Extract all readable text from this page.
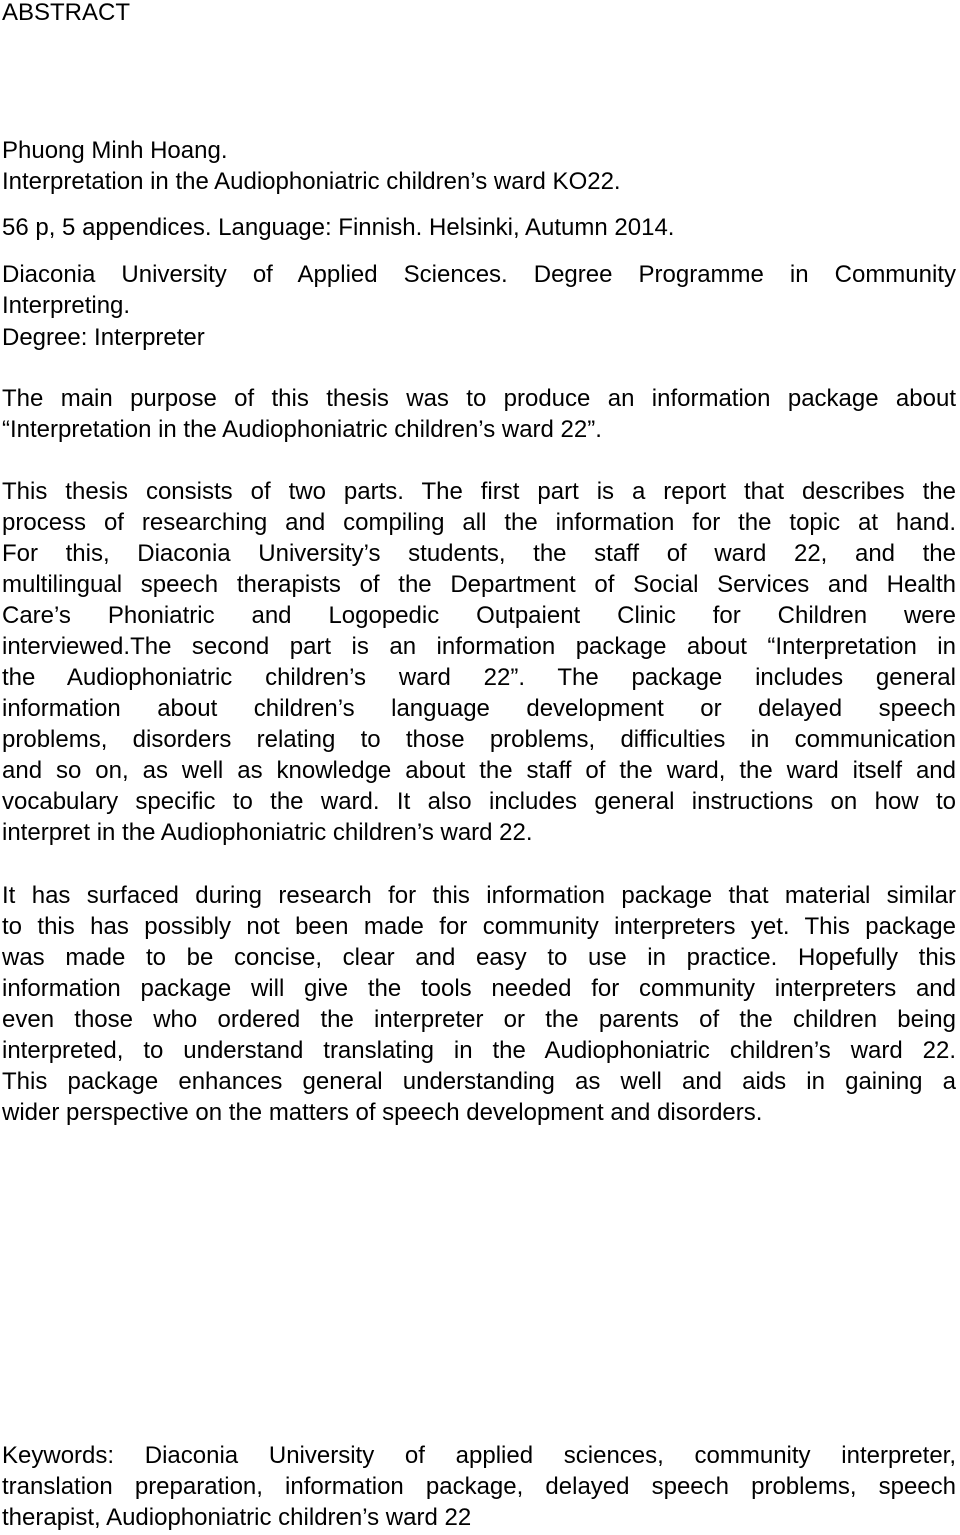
ABSTRACT
Phuong Minh Hoang.
Interpretation in the Audiophoniatric children’s ward KO22.
56 p, 5 appendices. Language: Finnish. Helsinki, Autumn 2014.
Diaconia University of Applied Sciences. Degree Programme in Community
Interpreting.
Degree: Interpreter
The main purpose of this thesis was to produce an information package about
“Interpretation in the Audiophoniatric children’s ward 22”.
This thesis consists of two parts. The first part is a report that describes the
process of researching and compiling all the information for the topic at hand.
For this, Diaconia University’s students, the staff of ward 22, and the
multilingual speech therapists of the Department of Social Services and Health
Care’s Phoniatric and Logopedic Outpaient Clinic for Children were
interviewed.The second part is an information package about “Interpretation in
the Audiophoniatric children’s ward 22”. The package includes general
information about children’s language development or delayed speech
problems, disorders relating to those problems, difficulties in communication
and so on, as well as knowledge about the staff of the ward, the ward itself and
vocabulary specific to the ward. It also includes general instructions on how to
interpret in the Audiophoniatric children’s ward 22.
It has surfaced during research for this information package that material similar
to this has possibly not been made for community interpreters yet. This package
was made to be concise, clear and easy to use in practice. Hopefully this
information package will give the tools needed for community interpreters and
even those who ordered the interpreter or the parents of the children being
interpreted, to understand translating in the Audiophoniatric children’s ward 22.
This package enhances general understanding as well and aids in gaining a
wider perspective on the matters of speech development and disorders.
Keywords: Diaconia University of applied sciences, community interpreter,
translation preparation, information package, delayed speech problems, speech
therapist, Audiophoniatric children’s ward 22
